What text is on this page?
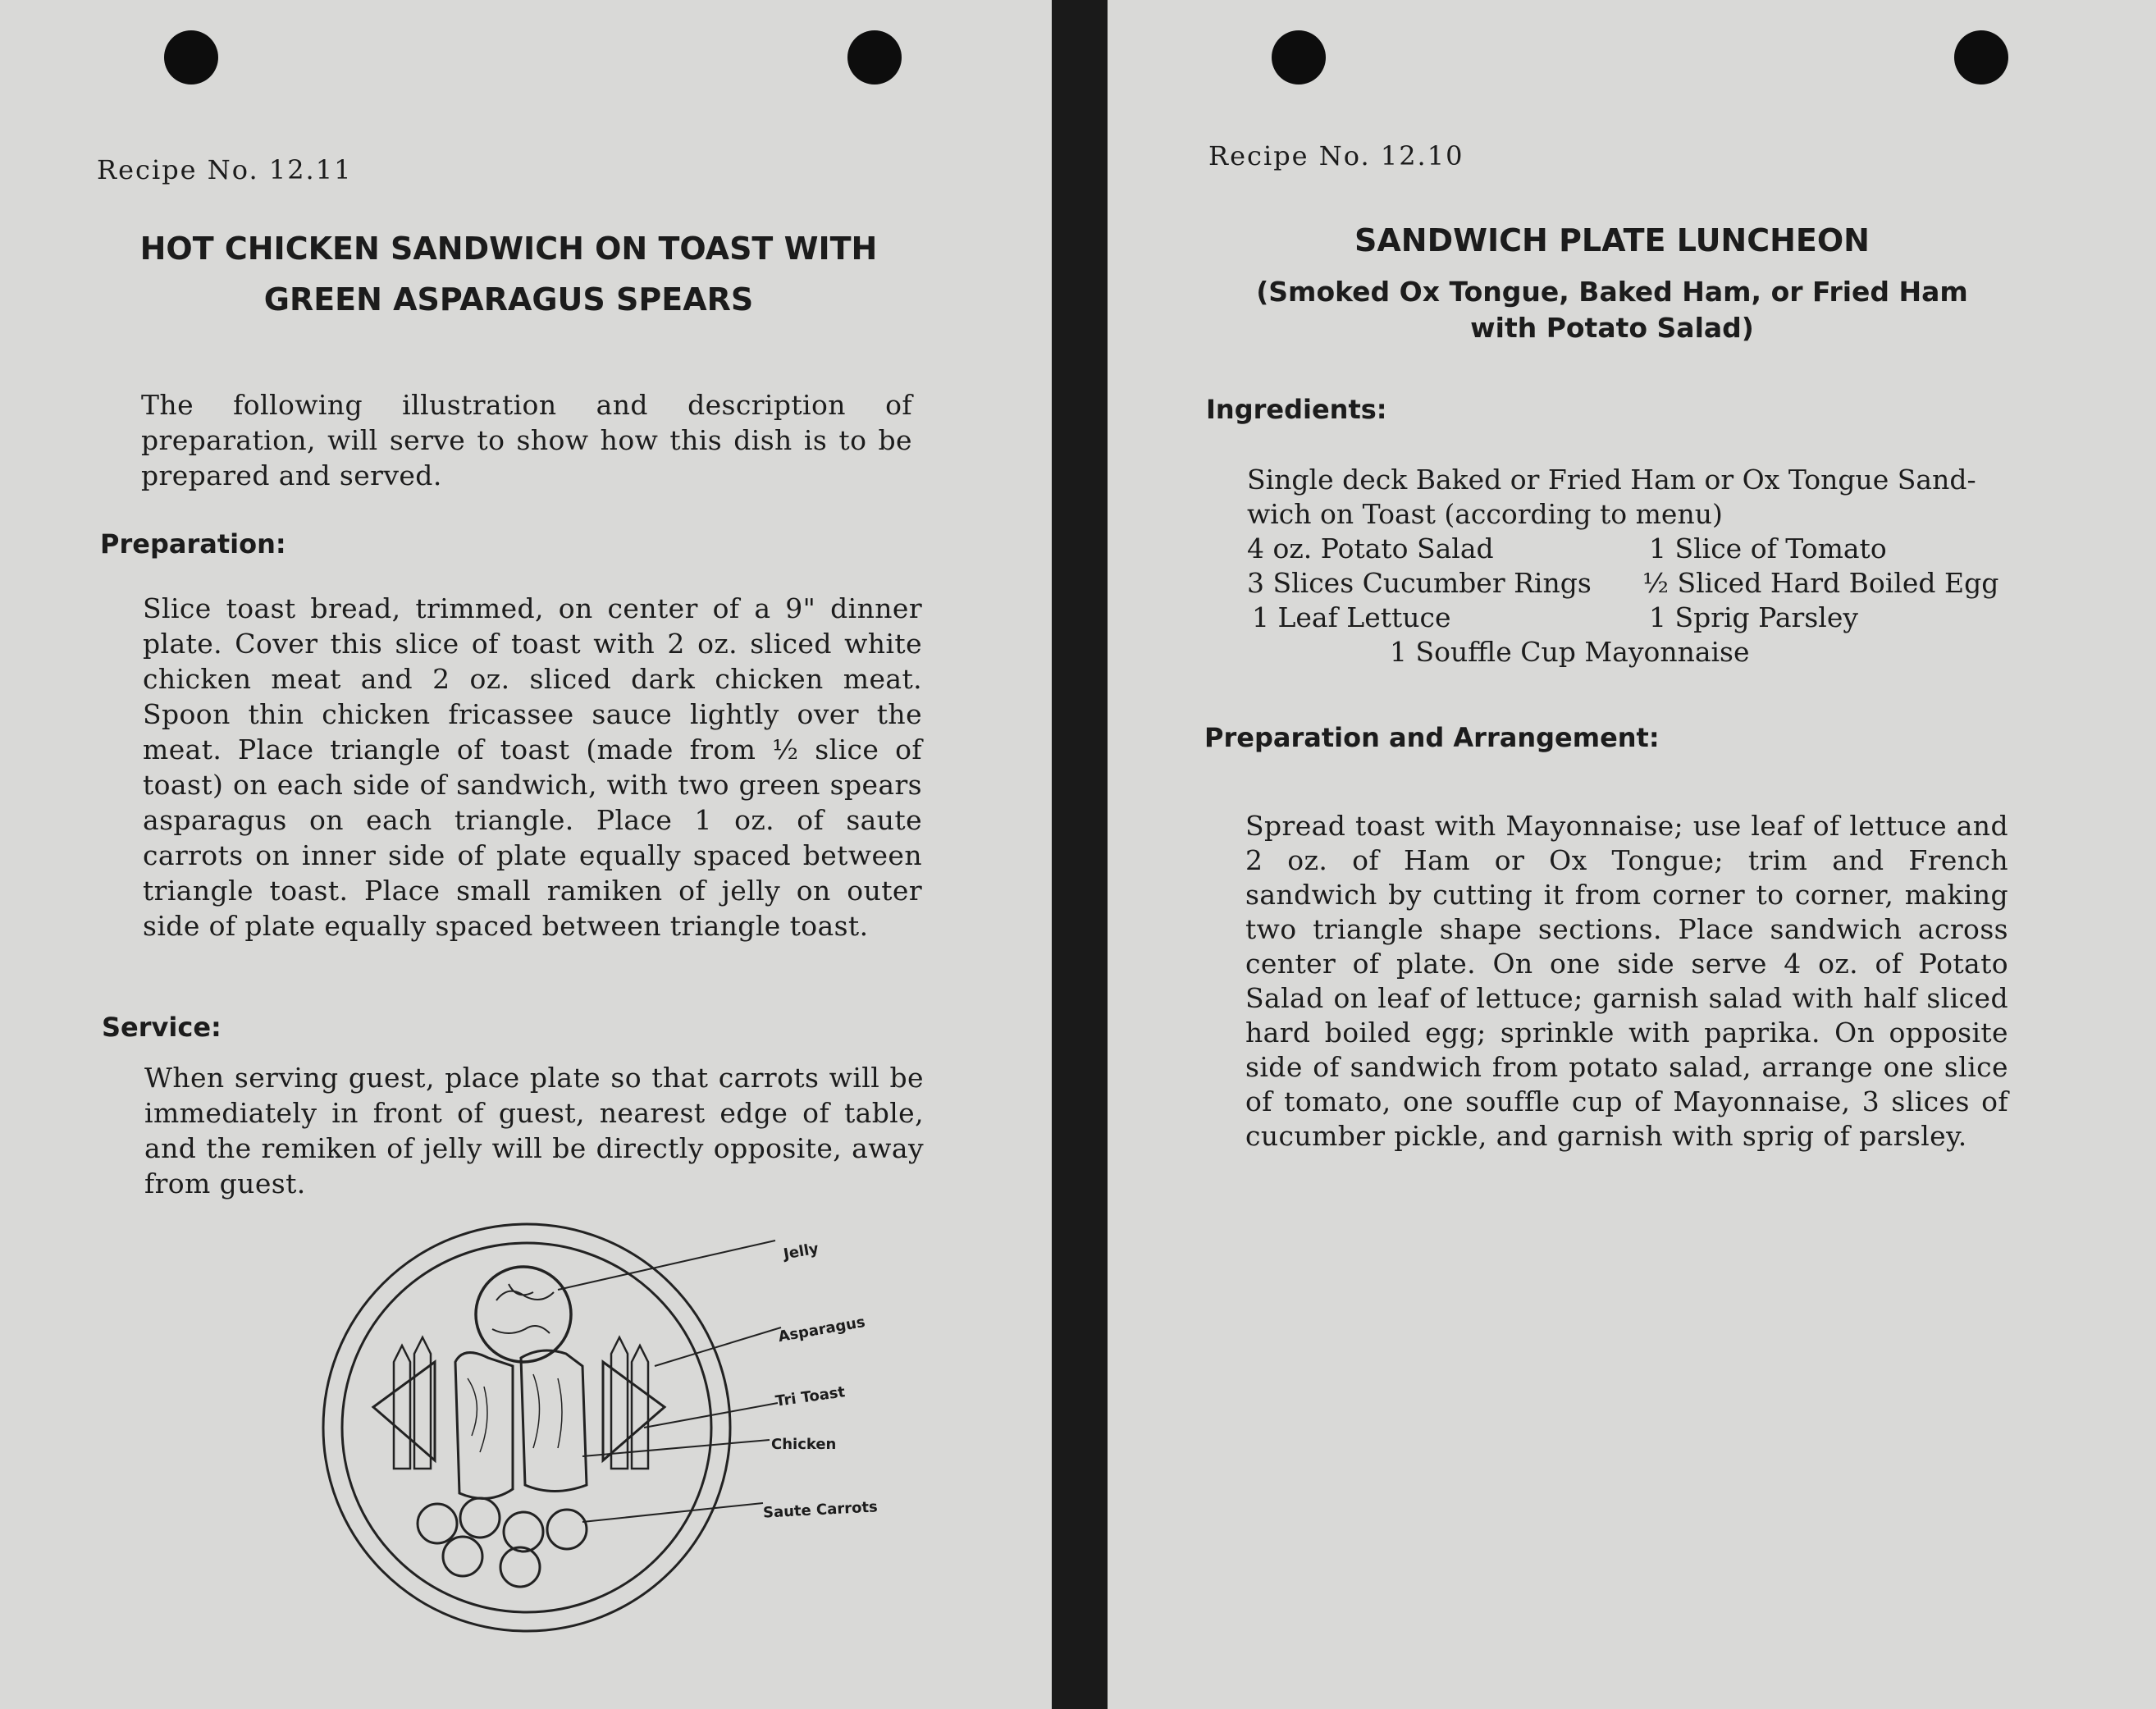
Recipe No. 12.11
HOT CHICKEN SANDWICH ON TOAST WITH
GREEN ASPARAGUS SPEARS
The following illustration and description of preparation, will serve to show how this dish is to be prepared and served.
Preparation:
Slice toast bread, trimmed, on center of a 9" dinner plate. Cover this slice of toast with 2 oz. sliced white chicken meat and 2 oz. sliced dark chicken meat. Spoon thin chicken fricassee sauce lightly over the meat. Place triangle of toast (made from ½ slice of toast) on each side of sandwich, with two green spears asparagus on each triangle. Place 1 oz. of saute carrots on inner side of plate equally spaced between triangle toast. Place small ramiken of jelly on outer side of plate equally spaced between triangle toast.
Service:
When serving guest, place plate so that carrots will be immediately in front of guest, nearest edge of table, and the remiken of jelly will be directly opposite, away from guest.
Jelly
Asparagus
Tri Toast
Chicken
Saute Carrots
Recipe No. 12.10
SANDWICH PLATE LUNCHEON
(Smoked Ox Tongue, Baked Ham, or Fried Ham
with Potato Salad)
Ingredients:
Single deck Baked or Fried Ham or Ox Tongue Sand-
wich on Toast (according to menu)
4 oz. Potato Salad	1 Slice of Tomato
3 Slices Cucumber Rings ½ Sliced Hard Boiled Egg
1 Leaf Lettuce	1 Sprig Parsley
1 Souffle Cup Mayonnaise
Preparation and Arrangement:
Spread toast with Mayonnaise; use leaf of lettuce and 2 oz. of Ham or Ox Tongue; trim and French sandwich by cutting it from corner to corner, making two triangle shape sections. Place sandwich across center of plate. On one side serve 4 oz. of Potato Salad on leaf of lettuce; garnish salad with half sliced hard boiled egg; sprinkle with paprika. On opposite side of sandwich from potato salad, arrange one slice of tomato, one souffle cup of Mayonnaise, 3 slices of cucumber pickle, and garnish with sprig of parsley.
